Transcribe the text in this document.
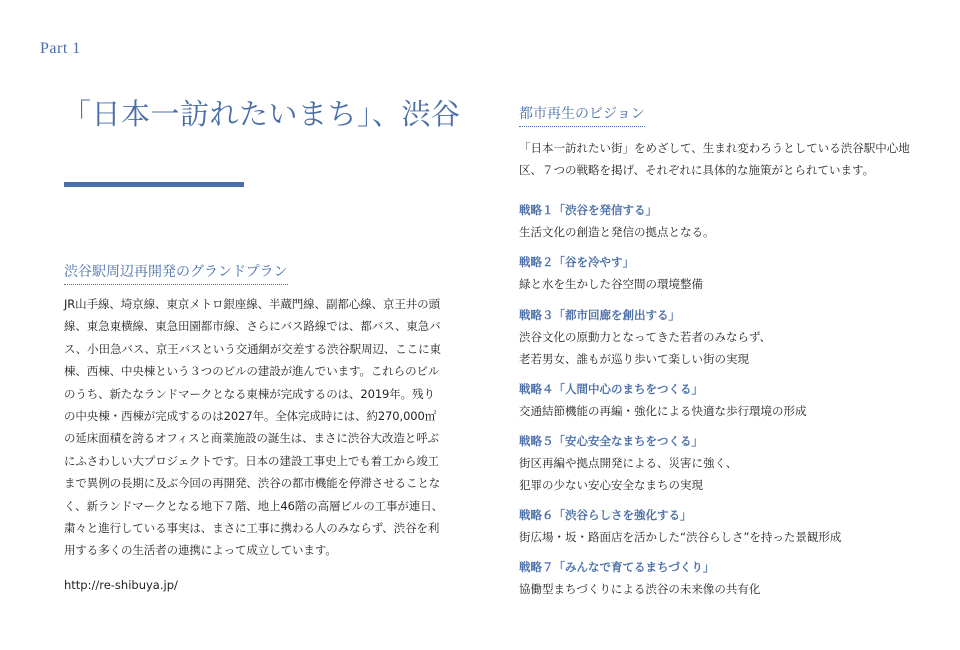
Part 1
「日本一訪れたいまち」、渋谷
渋谷駅周辺再開発のグランドプラン

JR山手線、埼京線、東京メトロ銀座線、半蔵門線、副都心線、京王井の頭線、東急東横線、東急田園都市線、さらにバス路線では、都バス、東急バス、小田急バス、京王バスという交通網が交差する渋谷駅周辺、ここに東棟、西棟、中央棟という３つのビルの建設が進んでいます。これらのビルのうち、新たなランドマークとなる東棟が完成するのは、2019年。残りの中央棟・西棟が完成するのは2027年。全体完成時には、約270,000㎡の延床面積を誇るオフィスと商業施設の誕生は、まさに渋谷大改造と呼ぶにふさわしい大プロジェクトです。日本の建設工事史上でも着工から竣工まで異例の長期に及ぶ今回の再開発、渋谷の都市機能を停滞させることなく、新ランドマークとなる地下７階、地上46階の高層ビルの工事が連日、粛々と進行している事実は、まさに工事に携わる人のみならず、渋谷を利用する多くの生活者の連携によって成立しています。

http://re-shibuya.jp/
都市再生のビジョン

「日本一訪れたい街」をめざして、生まれ変わろうとしている渋谷駅中心地区、７つの戦略を掲げ、それぞれに具体的な施策がとられています。

戦略１「渋谷を発信する」
生活文化の創造と発信の拠点となる。
戦略２「谷を冷やす」
緑と水を生かした谷空間の環境整備
戦略３「都市回廊を創出する」
渋谷文化の原動力となってきた若者のみならず、
老若男女、誰もが巡り歩いて楽しい街の実現
戦略４「人間中心のまちをつくる」
交通結節機能の再編・強化による快適な歩行環境の形成
戦略５「安心安全なまちをつくる」
街区再編や拠点開発による、災害に強く、
犯罪の少ない安心安全なまちの実現
戦略６「渋谷らしさを強化する」
街広場・坂・路面店を活かした“渋谷らしさ”を持った景観形成
戦略７「みんなで育てるまちづくり」
協働型まちづくりによる渋谷の未来像の共有化
